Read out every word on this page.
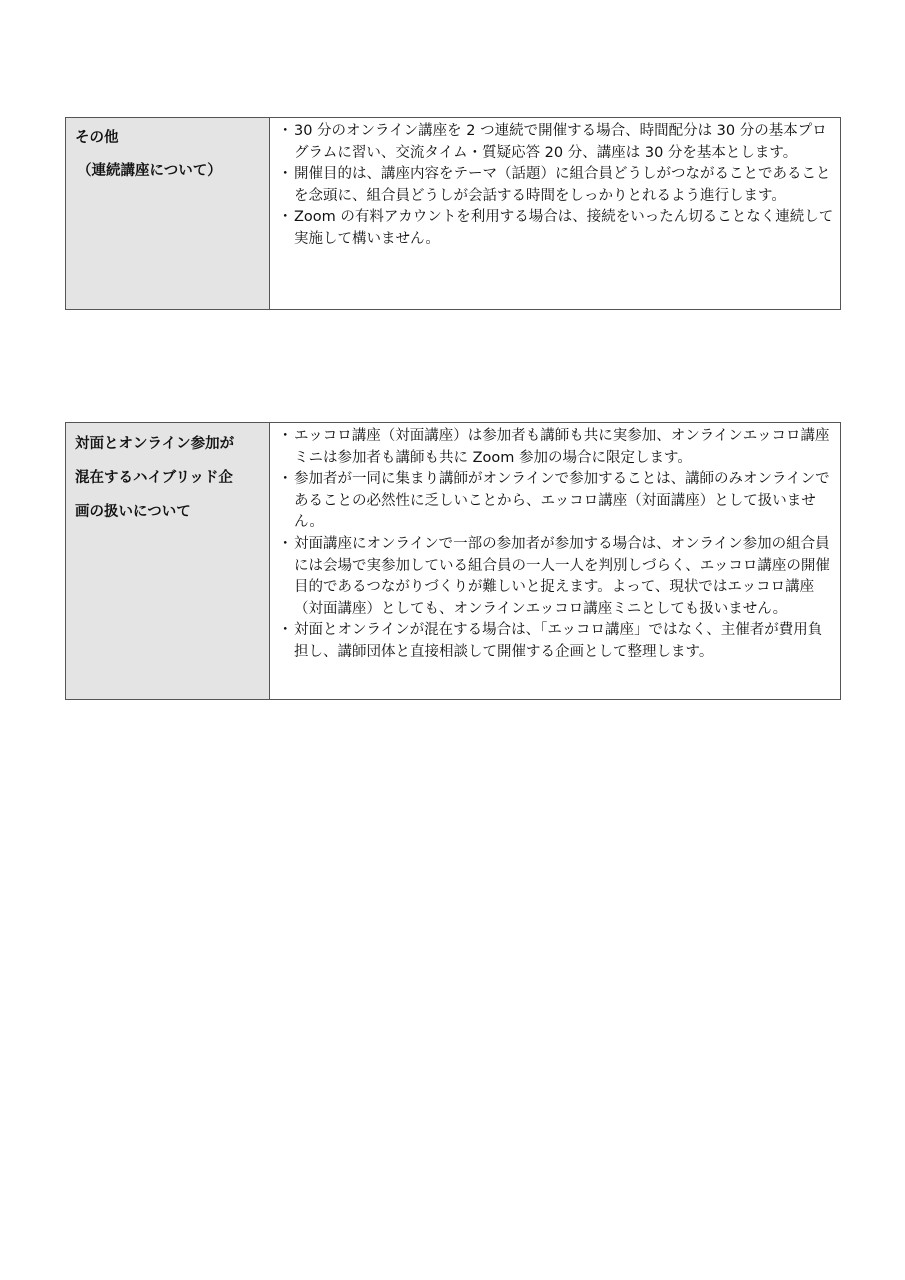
その他
（連続講座について）
・ 30 分のオンライン講座を 2 つ連続で開催する場合、時間配分は 30 分の基本プログラムに習い、交流タイム・質疑応答 20 分、講座は 30 分を基本とします。
・ 開催目的は、講座内容をテーマ（話題）に組合員どうしがつながることであることを念頭に、組合員どうしが会話する時間をしっかりとれるよう進行します。
・ Zoom の有料アカウントを利用する場合は、接続をいったん切ることなく連続して実施して構いません。
対面とオンライン参加が
混在するハイブリッド企
画の扱いについて
・ エッコロ講座（対面講座）は参加者も講師も共に実参加、オンラインエッコロ講座ミニは参加者も講師も共に Zoom 参加の場合に限定します。
・ 参加者が一同に集まり講師がオンラインで参加することは、講師のみオンラインであることの必然性に乏しいことから、エッコロ講座（対面講座）として扱いません。
・ 対面講座にオンラインで一部の参加者が参加する場合は、オンライン参加の組合員には会場で実参加している組合員の一人一人を判別しづらく、エッコロ講座の開催目的であるつながりづくりが難しいと捉えます。よって、現状ではエッコロ講座（対面講座）としても、オンラインエッコロ講座ミニとしても扱いません。
・ 対面とオンラインが混在する場合は、「エッコロ講座」ではなく、主催者が費用負担し、講師団体と直接相談して開催する企画として整理します。
